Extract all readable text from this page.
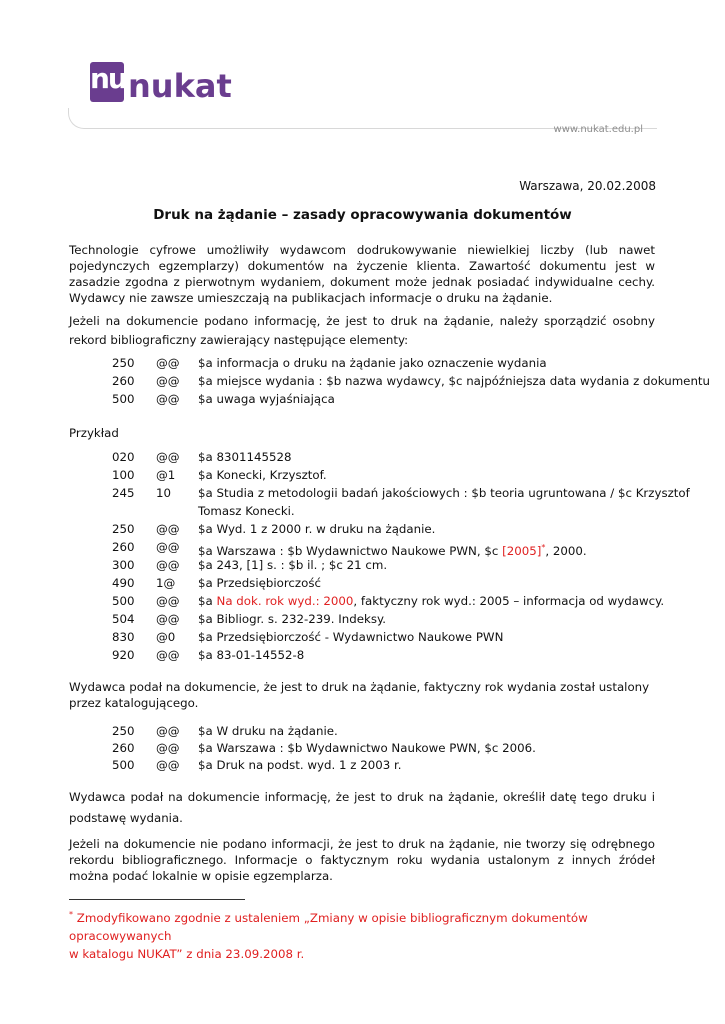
nu nukat
www.nukat.edu.pl
Warszawa, 20.02.2008
Druk na żądanie – zasady opracowywania dokumentów
Technologie cyfrowe umożliwiły wydawcom dodrukowywanie niewielkiej liczby (lub nawet pojedynczych egzemplarzy) dokumentów na życzenie klienta. Zawartość dokumentu jest w zasadzie zgodna z pierwotnym wydaniem, dokument może jednak posiadać indywidualne cechy. Wydawcy nie zawsze umieszczają na publikacjach informacje o druku na żądanie.
Jeżeli na dokumencie podano informację, że jest to druk na żądanie, należy sporządzić osobny rekord bibliograficzny zawierający następujące elementy:
250 @@ $a informacja o druku na żądanie jako oznaczenie wydania
260 @@ $a miejsce wydania : $b nazwa wydawcy, $c najpóźniejsza data wydania z dokumentu
500 @@ $a uwaga wyjaśniająca
Przykład
020 @@ $a 8301145528
100 @1 $a Konecki, Krzysztof.
245 10 $a Studia z metodologii badań jakościowych : $b teoria ugruntowana / $c Krzysztof
Tomasz Konecki.
250 @@ $a Wyd. 1 z 2000 r. w druku na żądanie.
260 @@ $a Warszawa : $b Wydawnictwo Naukowe PWN, $c [2005]*, 2000.
300 @@ $a 243, [1] s. : $b il. ; $c 21 cm.
490 1@ $a Przedsiębiorczość
500 @@ $a Na dok. rok wyd.: 2000, faktyczny rok wyd.: 2005 – informacja od wydawcy.
504 @@ $a Bibliogr. s. 232-239. Indeksy.
830 @0 $a Przedsiębiorczość - Wydawnictwo Naukowe PWN
920 @@ $a 83-01-14552-8
Wydawca podał na dokumencie, że jest to druk na żądanie, faktyczny rok wydania został ustalony przez katalogującego.
250 @@ $a W druku na żądanie.
260 @@ $a Warszawa : $b Wydawnictwo Naukowe PWN, $c 2006.
500 @@ $a Druk na podst. wyd. 1 z 2003 r.
Wydawca podał na dokumencie informację, że jest to druk na żądanie, określił datę tego druku i podstawę wydania.
Jeżeli na dokumencie nie podano informacji, że jest to druk na żądanie, nie tworzy się odrębnego rekordu bibliograficznego. Informacje o faktycznym roku wydania ustalonym z innych źródeł można podać lokalnie w opisie egzemplarza.
* Zmodyfikowano zgodnie z ustaleniem „Zmiany w opisie bibliograficznym dokumentów opracowywanych
w katalogu NUKAT” z dnia 23.09.2008 r.
